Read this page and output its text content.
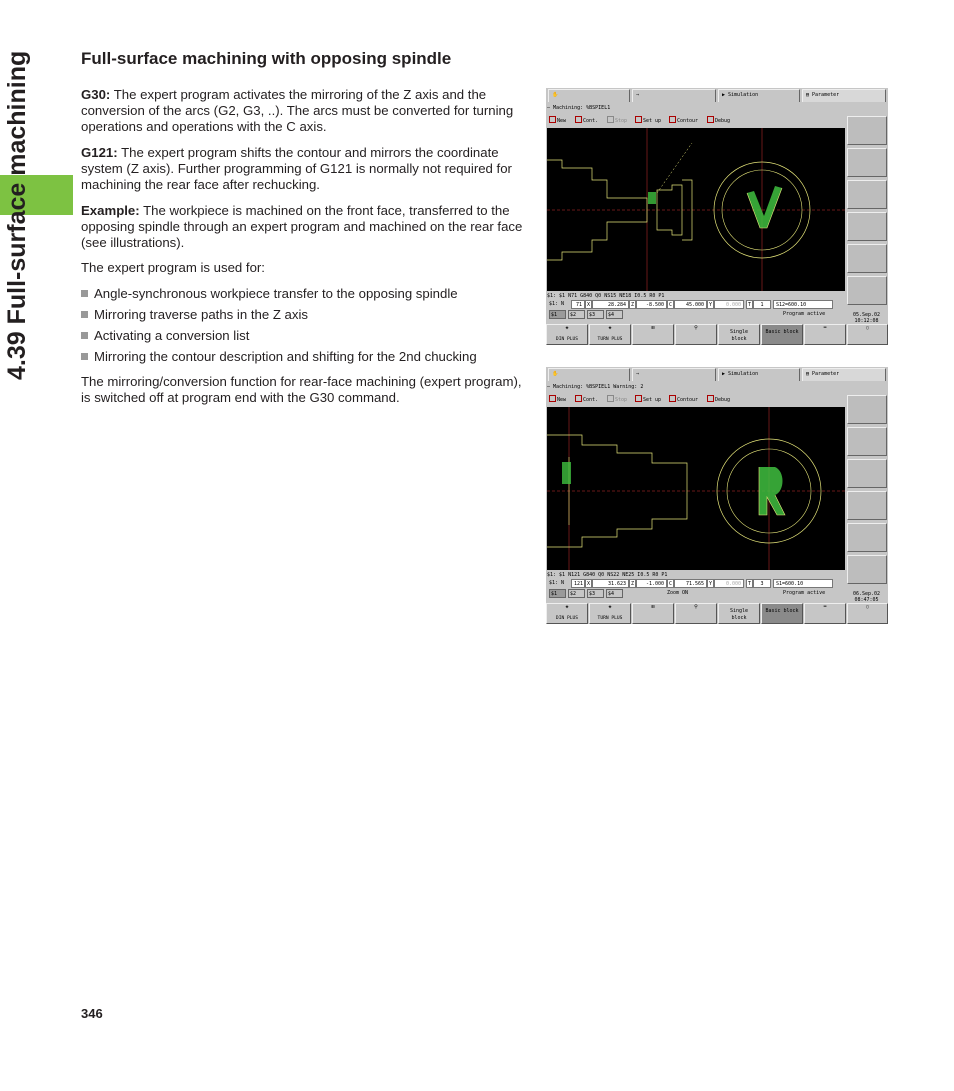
4.39 Full-surface machining	Full-surface machining with opposing spindle
G30: The expert program activates the mirroring of the Z axis and the conversion of the arcs (G2, G3, ..). The arcs must be converted for turning operations and operations with the C axis.
G121: The expert program shifts the contour and mirrors the coordinate system (Z axis). Further programming of G121 is normally not required for machining the rear face after rechucking.
Example: The workpiece is machined on the front face, transferred to the opposing spindle through an expert program and machined on the rear face (see illustrations).
The expert program is used for:
Angle-synchronous workpiece transfer to the opposing spindle
Mirroring traverse paths in the Z axis
Activating a conversion list
Mirroring the contour description and shifting for the 2nd chucking
The mirroring/conversion function for rear-face machining (expert program), is switched off at program end with the G30 command.
✋	⇒	▶ Simulation	▤ Parameter
— Machining: %BSPIEL1
New	Cont.	Stop	Set up	Contour	Debug
$1: $1 N71 G840 Q0 NS15 NE18 I0.5 R0 P1
$1: N	71 X	28.284 Z	-8.500 C	45.000 Y	0.000	T	1	S12=600.10
$1	$2	$3	$4	Program active	05.Sep.02
10:12:08
◈
DIN PLUS
◈
TURN PLUS
⊞	⚲
Single
block
Basic block
⌨	▯
✋	⇒	▶ Simulation	▤ Parameter
— Machining: %BSPIEL1 Warning: 2
New	Cont.	Stop	Set up	Contour	Debug
$1: $1 N121 G840 Q0 NS22 NE25 I0.5 R0 P1
$1: N	121 X	31.623 Z	-1.000 C	71.565 Y	0.000	T	3	S1=600.10
$1	$2	$3	$4	Zoom ON	Program active	06.Sep.02
08:47:05
◈
DIN PLUS
◈
TURN PLUS
⊞	⚲
Single
block
Basic block
⌨	▯
346
